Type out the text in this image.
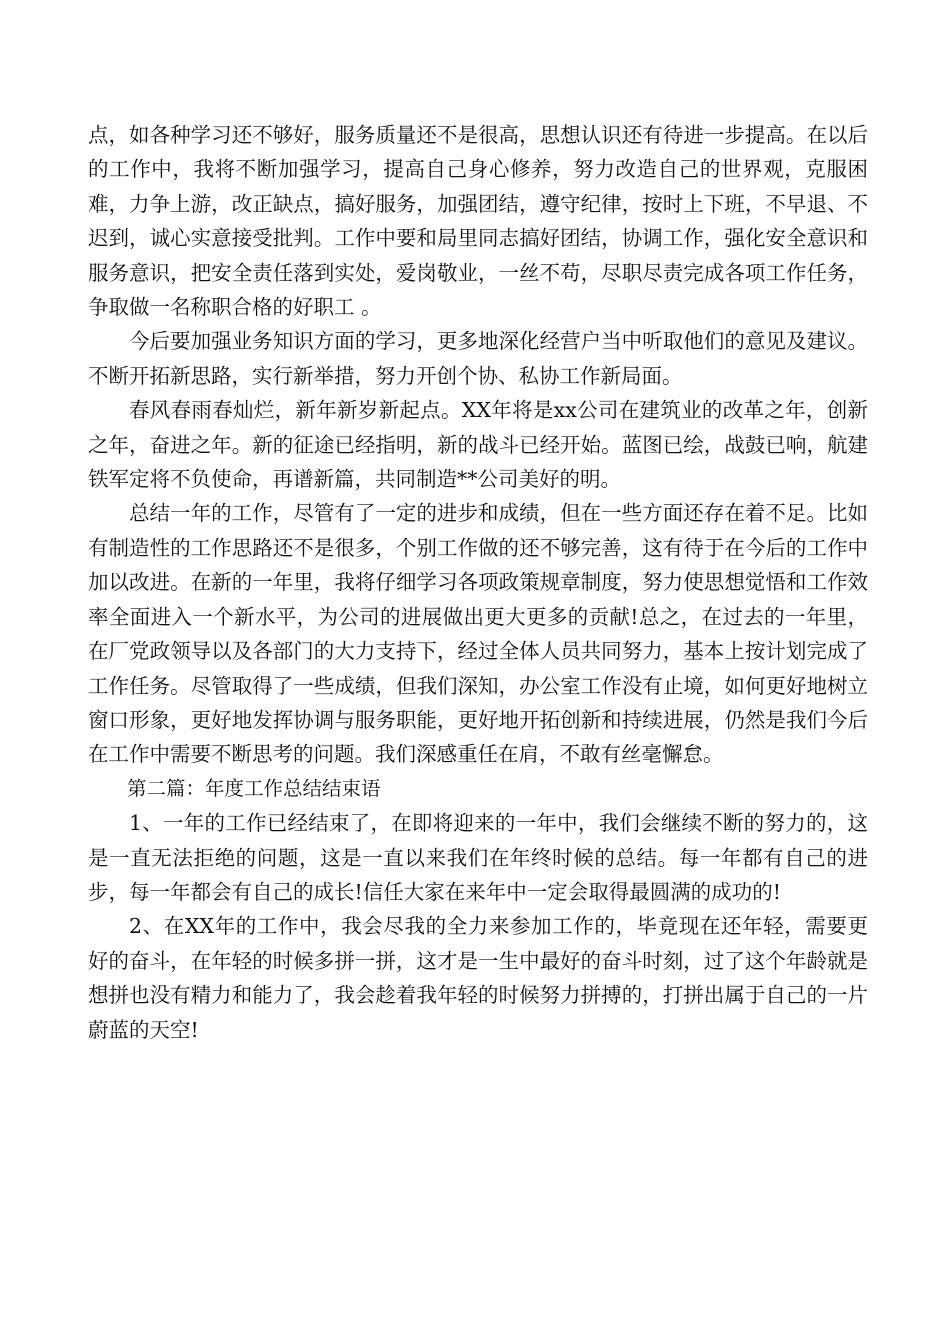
点，如各种学习还不够好，服务质量还不是很高，思想认识还有待进一步提高。在以后的工作中，我将不断加强学习，提高自己身心修养，努力改造自己的世界观，克服困难，力争上游，改正缺点，搞好服务，加强团结，遵守纪律，按时上下班，不早退、不迟到，诚心实意接受批判。工作中要和局里同志搞好团结，协调工作，强化安全意识和服务意识，把安全责任落到实处，爱岗敬业，一丝不苟，尽职尽责完成各项工作任务，争取做一名称职合格的好职工 。

今后要加强业务知识方面的学习，更多地深化经营户当中听取他们的意见及建议。不断开拓新思路，实行新举措，努力开创个协、私协工作新局面。

春风春雨春灿烂，新年新岁新起点。XX年将是xx公司在建筑业的改革之年，创新之年，奋进之年。新的征途已经指明，新的战斗已经开始。蓝图已绘，战鼓已响，航建铁军定将不负使命，再谱新篇，共同制造**公司美好的明。

总结一年的工作，尽管有了一定的进步和成绩，但在一些方面还存在着不足。比如有制造性的工作思路还不是很多，个别工作做的还不够完善，这有待于在今后的工作中加以改进。在新的一年里，我将仔细学习各项政策规章制度，努力使思想觉悟和工作效率全面进入一个新水平，为公司的进展做出更大更多的贡献!总之，在过去的一年里，在厂党政领导以及各部门的大力支持下，经过全体人员共同努力，基本上按计划完成了工作任务。尽管取得了一些成绩，但我们深知，办公室工作没有止境，如何更好地树立窗口形象，更好地发挥协调与服务职能，更好地开拓创新和持续进展，仍然是我们今后在工作中需要不断思考的问题。我们深感重任在肩，不敢有丝毫懈怠。

第二篇：年度工作总结结束语

1、一年的工作已经结束了，在即将迎来的一年中，我们会继续不断的努力的，这是一直无法拒绝的问题，这是一直以来我们在年终时候的总结。每一年都有自己的进步，每一年都会有自己的成长!信任大家在来年中一定会取得最圆满的成功的!

2、在XX年的工作中，我会尽我的全力来参加工作的，毕竟现在还年轻，需要更好的奋斗，在年轻的时候多拼一拼，这才是一生中最好的奋斗时刻，过了这个年龄就是想拼也没有精力和能力了，我会趁着我年轻的时候努力拼搏的，打拼出属于自己的一片蔚蓝的天空!
